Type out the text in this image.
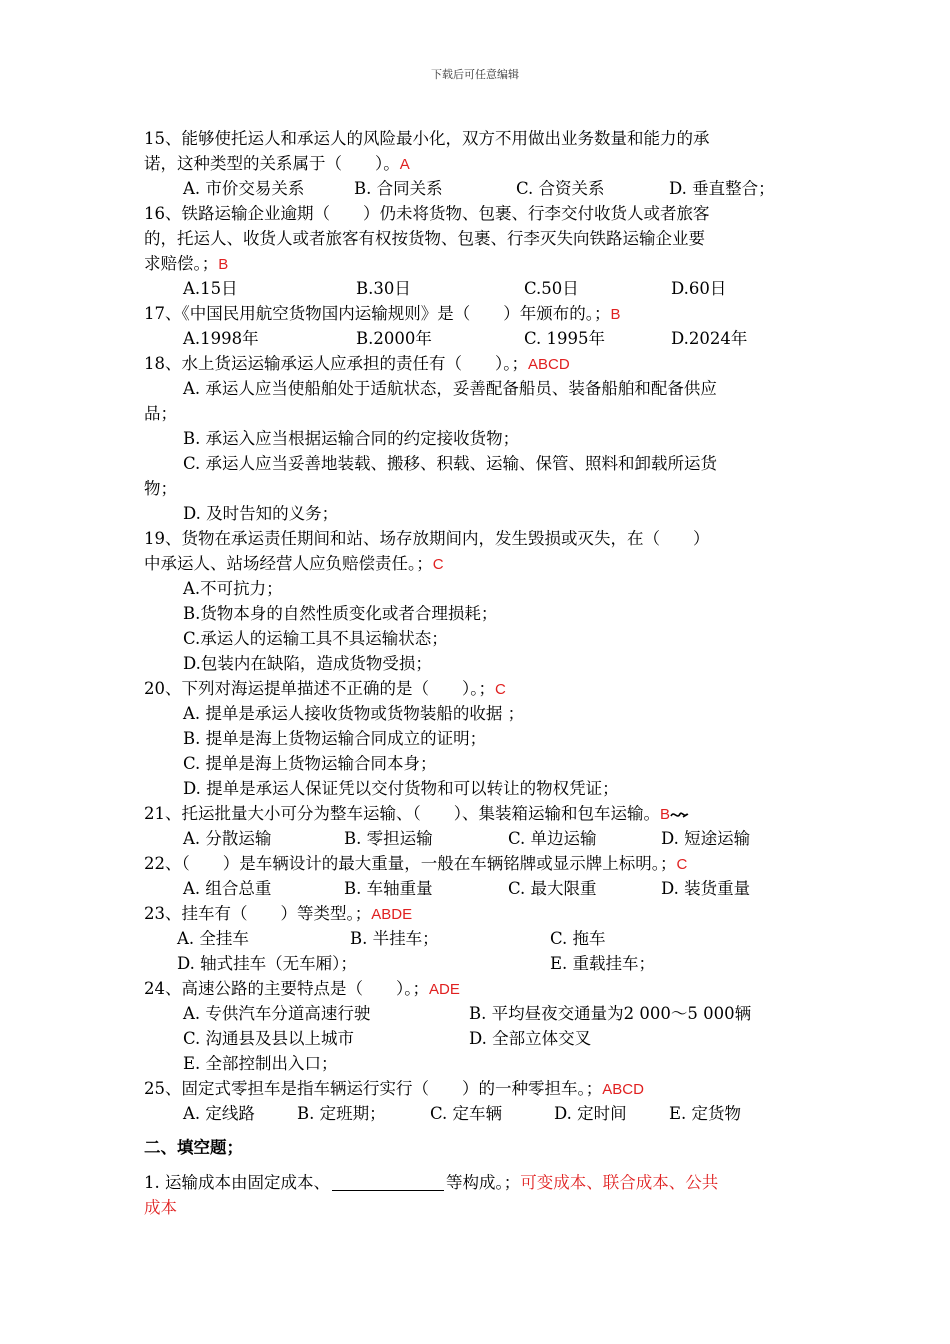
下载后可任意编辑
15、能够使托运人和承运人的风险最小化，双方不用做出业务数量和能力的承
诺，这种类型的关系属于（　　）。A
A. 市价交易关系	B. 合同关系	C. 合资关系	D. 垂直整合；
16、铁路运输企业逾期（　　）仍未将货物、包裹、行李交付收货人或者旅客
的，托运人、收货人或者旅客有权按货物、包裹、行李灭失向铁路运输企业要
求赔偿。；B
A.15日	B.30日	C.50日	D.60日
17、《中国民用航空货物国内运输规则》是（　　）年颁布的。；B
A.1998年	B.2000年	C. 1995年	D.2024年
18、水上货运运输承运人应承担的责任有（　　）。；ABCD
A. 承运人应当使船舶处于适航状态，妥善配备船员、装备船舶和配备供应
品；
B. 承运入应当根据运输合同的约定接收货物；
C. 承运人应当妥善地装载、搬移、积载、运输、保管、照料和卸载所运货
物；
D. 及时告知的义务；
19、货物在承运责任期间和站、场存放期间内，发生毁损或灭失，在（　　）
中承运人、站场经营人应负赔偿责任。；C
A.不可抗力；
B.货物本身的自然性质变化或者合理损耗；
C.承运人的运输工具不具运输状态；
D.包装内在缺陷，造成货物受损；
20、下列对海运提单描述不正确的是（　　）。；C
A. 提单是承运人接收货物或货物装船的收据 ；
B. 提单是海上货物运输合同成立的证明；
C. 提单是海上货物运输合同本身；
D. 提单是承运人保证凭以交付货物和可以转让的物权凭证；
21、托运批量大小可分为整车运输、（　　）、集装箱运输和包车运输。B
A. 分散运输	B. 零担运输	C. 单边运输	D. 短途运输
22、（　　）是车辆设计的最大重量，一般在车辆铭牌或显示牌上标明。；C
A. 组合总重	B. 车轴重量	C. 最大限重	D. 装货重量
23、挂车有（　　）等类型。；ABDE
A. 全挂车	B. 半挂车；	C. 拖车
D. 轴式挂车（无车厢）；	E. 重载挂车；
24、高速公路的主要特点是（　　）。；ADE
A. 专供汽车分道高速行驶	B. 平均昼夜交通量为2 000～5 000辆
C. 沟通县及县以上城市	D. 全部立体交叉
E. 全部控制出入口；
25、固定式零担车是指车辆运行实行（　　）的一种零担车。；ABCD
A. 定线路	B. 定班期；	C. 定车辆	D. 定时间	E. 定货物
二、填空题；
1. 运输成本由固定成本、	等构成。；可变成本、联合成本、公共
成本
